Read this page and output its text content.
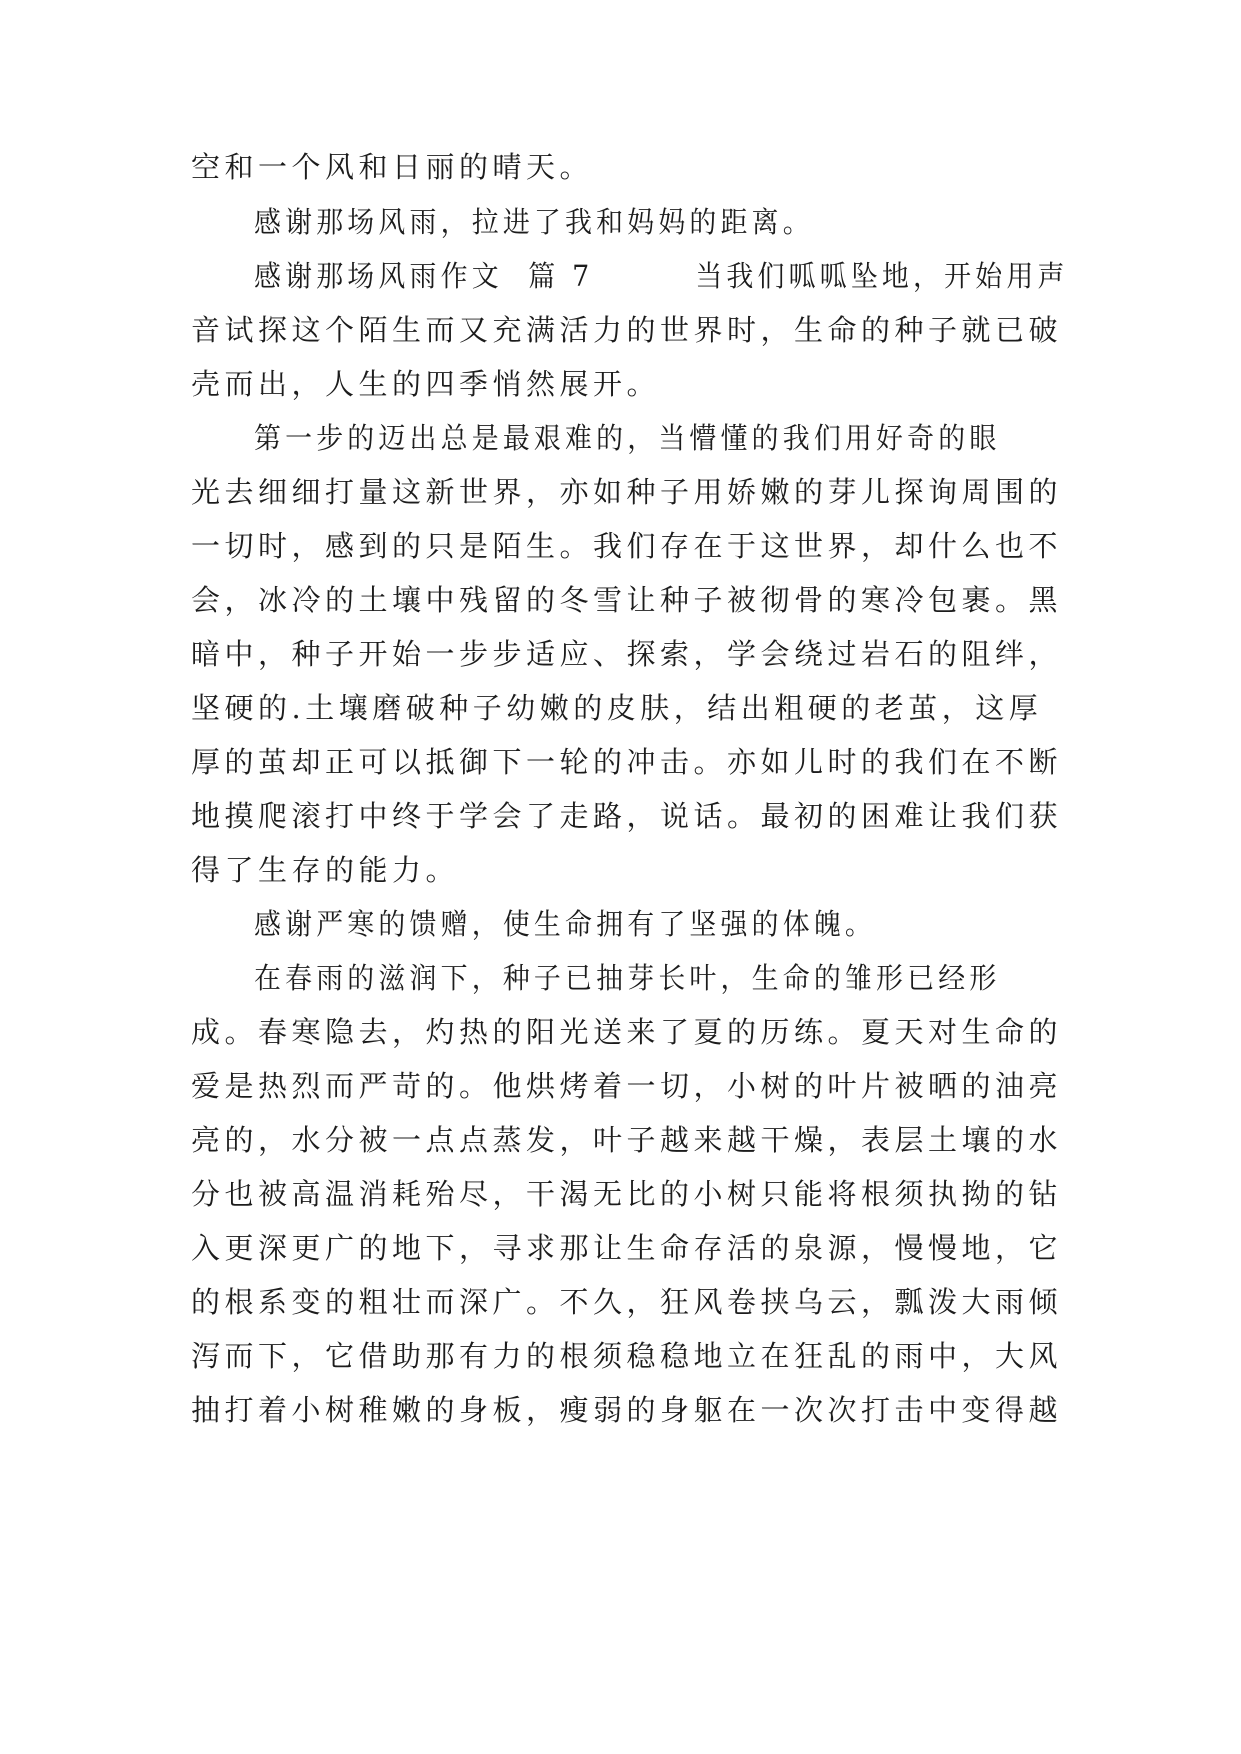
空和一个风和日丽的晴天。
感谢那场风雨，拉进了我和妈妈的距离。
感谢那场风雨作文  篇 7        当我们呱呱坠地，开始用声
音试探这个陌生而又充满活力的世界时，生命的种子就已破
壳而出，人生的四季悄然展开。
第一步的迈出总是最艰难的，当懵懂的我们用好奇的眼
光去细细打量这新世界，亦如种子用娇嫩的芽儿探询周围的
一切时，感到的只是陌生。我们存在于这世界，却什么也不
会，冰冷的土壤中残留的冬雪让种子被彻骨的寒冷包裹。黑
暗中，种子开始一步步适应、探索，学会绕过岩石的阻绊，
坚硬的.土壤磨破种子幼嫩的皮肤，结出粗硬的老茧，这厚
厚的茧却正可以抵御下一轮的冲击。亦如儿时的我们在不断
地摸爬滚打中终于学会了走路，说话。最初的困难让我们获
得了生存的能力。
感谢严寒的馈赠，使生命拥有了坚强的体魄。
在春雨的滋润下，种子已抽芽长叶，生命的雏形已经形
成。春寒隐去，灼热的阳光送来了夏的历练。夏天对生命的
爱是热烈而严苛的。他烘烤着一切，小树的叶片被晒的油亮
亮的，水分被一点点蒸发，叶子越来越干燥，表层土壤的水
分也被高温消耗殆尽，干渴无比的小树只能将根须执拗的钻
入更深更广的地下，寻求那让生命存活的泉源，慢慢地，它
的根系变的粗壮而深广。不久，狂风卷挟乌云，瓢泼大雨倾
泻而下，它借助那有力的根须稳稳地立在狂乱的雨中，大风
抽打着小树稚嫩的身板，瘦弱的身躯在一次次打击中变得越
